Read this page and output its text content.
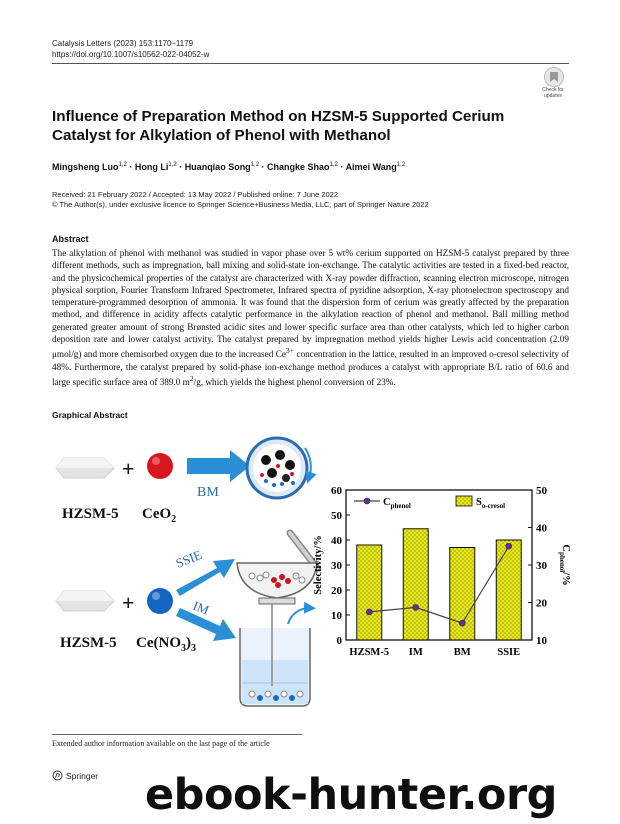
Catalysis Letters (2023) 153:1170–1179
https://doi.org/10.1007/s10562-022-04052-w
Check for updates
Influence of Preparation Method on HZSM-5 Supported Cerium Catalyst for Alkylation of Phenol with Methanol
Mingsheng Luo$^{1,2}$ · Hong Li$^{1,2}$ · Huanqiao Song$^{1,2}$ · Changke Shao$^{1,2}$ · Aimei Wang$^{1,2}$
Received: 21 February 2022 / Accepted: 13 May 2022 / Published online: 7 June 2022
© The Author(s), under exclusive licence to Springer Science+Business Media, LLC, part of Springer Nature 2022
Abstract
The alkylation of phenol with methanol was studied in vapor phase over 5 wt% cerium supported on HZSM-5 catalyst prepared by three different methods, such as impregnation, ball mixing and solid-state ion-exchange. The catalytic activities are tested in a fixed-bed reactor, and the physicochemical properties of the catalyst are characterized with X-ray powder diffraction, scanning electron microscope, nitrogen physical sorption, Fourier Transform Infrared Spectrometer, Infrared spectra of pyridine adsorption, X-ray photoelectron spectroscopy and temperature-programmed desorption of ammonia. It was found that the dispersion form of cerium was greatly affected by the preparation method, and difference in acidity affects catalytic performance in the alkylation reaction of phenol and methanol. Ball milling method generated greater amount of strong Brønsted acidic sites and lower specific surface area than other catalysts, which led to higher carbon deposition rate and lower catalyst activity. The catalyst prepared by impregnation method yields higher Lewis acid concentration (2.09 μmol/g) and more chemisorbed oxygen due to the increased $Ce^{3+}$ concentration in the lattice, resulted in an improved o-cresol selectivity of 48%. Furthermore, the catalyst prepared by solid-phase ion-exchange method produces a catalyst with appropriate B/L ratio of 60.6 and large specific surface area of 389.0 $m^2/g$, which yields the highest phenol conversion of 23%.
Graphical Abstract
+
HZSM-5 CeO$_2$
BM
+
HZSM-5 $Ce(NO_3)_3$
SSIE
IM
0
10
20
30
40
50
60
10
20
30
40
50
Selectivity/%	$C_{phenol}/\%$
HZSM-5 IM	BM	SSIE
$C_{phenol}$	$S_{o-cresol}$
Extended author information available on the last page of the article
Springer ebook-hunter.org
